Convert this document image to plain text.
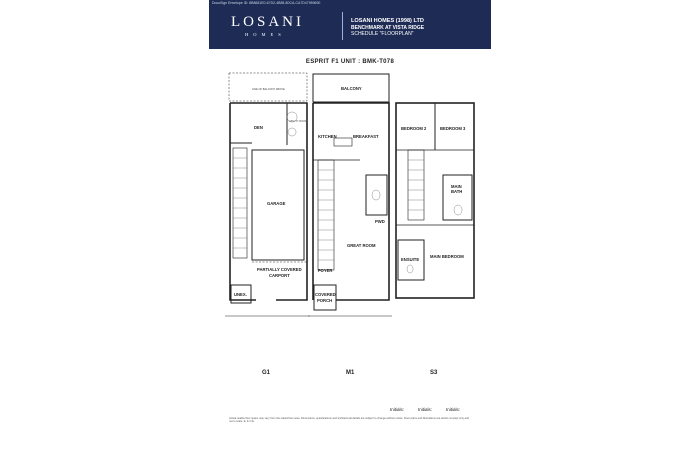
DocuSign Envelope ID: 8B8681E0-67D2-4B85-80CA-CA7D47959690
LOSANI
HOMES
LOSANI HOMES (1998) LTD
BENCHMARK AT VISTA RIDGE
SCHEDULE "FLOORPLAN"
ESPRIT F1 UNIT : BMK-T078
DEN
GARAGE
PARTIALLY COVERED
CARPORT
UNEX.
LINE OF BALCONY ABOVE
UTILITY ROOM
BALCONY
KITCHEN	BREAKFAST
GREAT ROOM
FOYER
PWD
COVERED
PORCH
BEDROOM 2	BEDROOM 3
MAIN
BATH
MAIN BEDROOM
ENSUITE
G1	M1	S3
Initials:	Initials:	Initials:
Actual usable floor space may vary from the stated floor area. Dimensions, specifications and architectural details are subject to change without notice. Floor plans and illustrations are artist's concept only and not to scale. E. & O.E.
